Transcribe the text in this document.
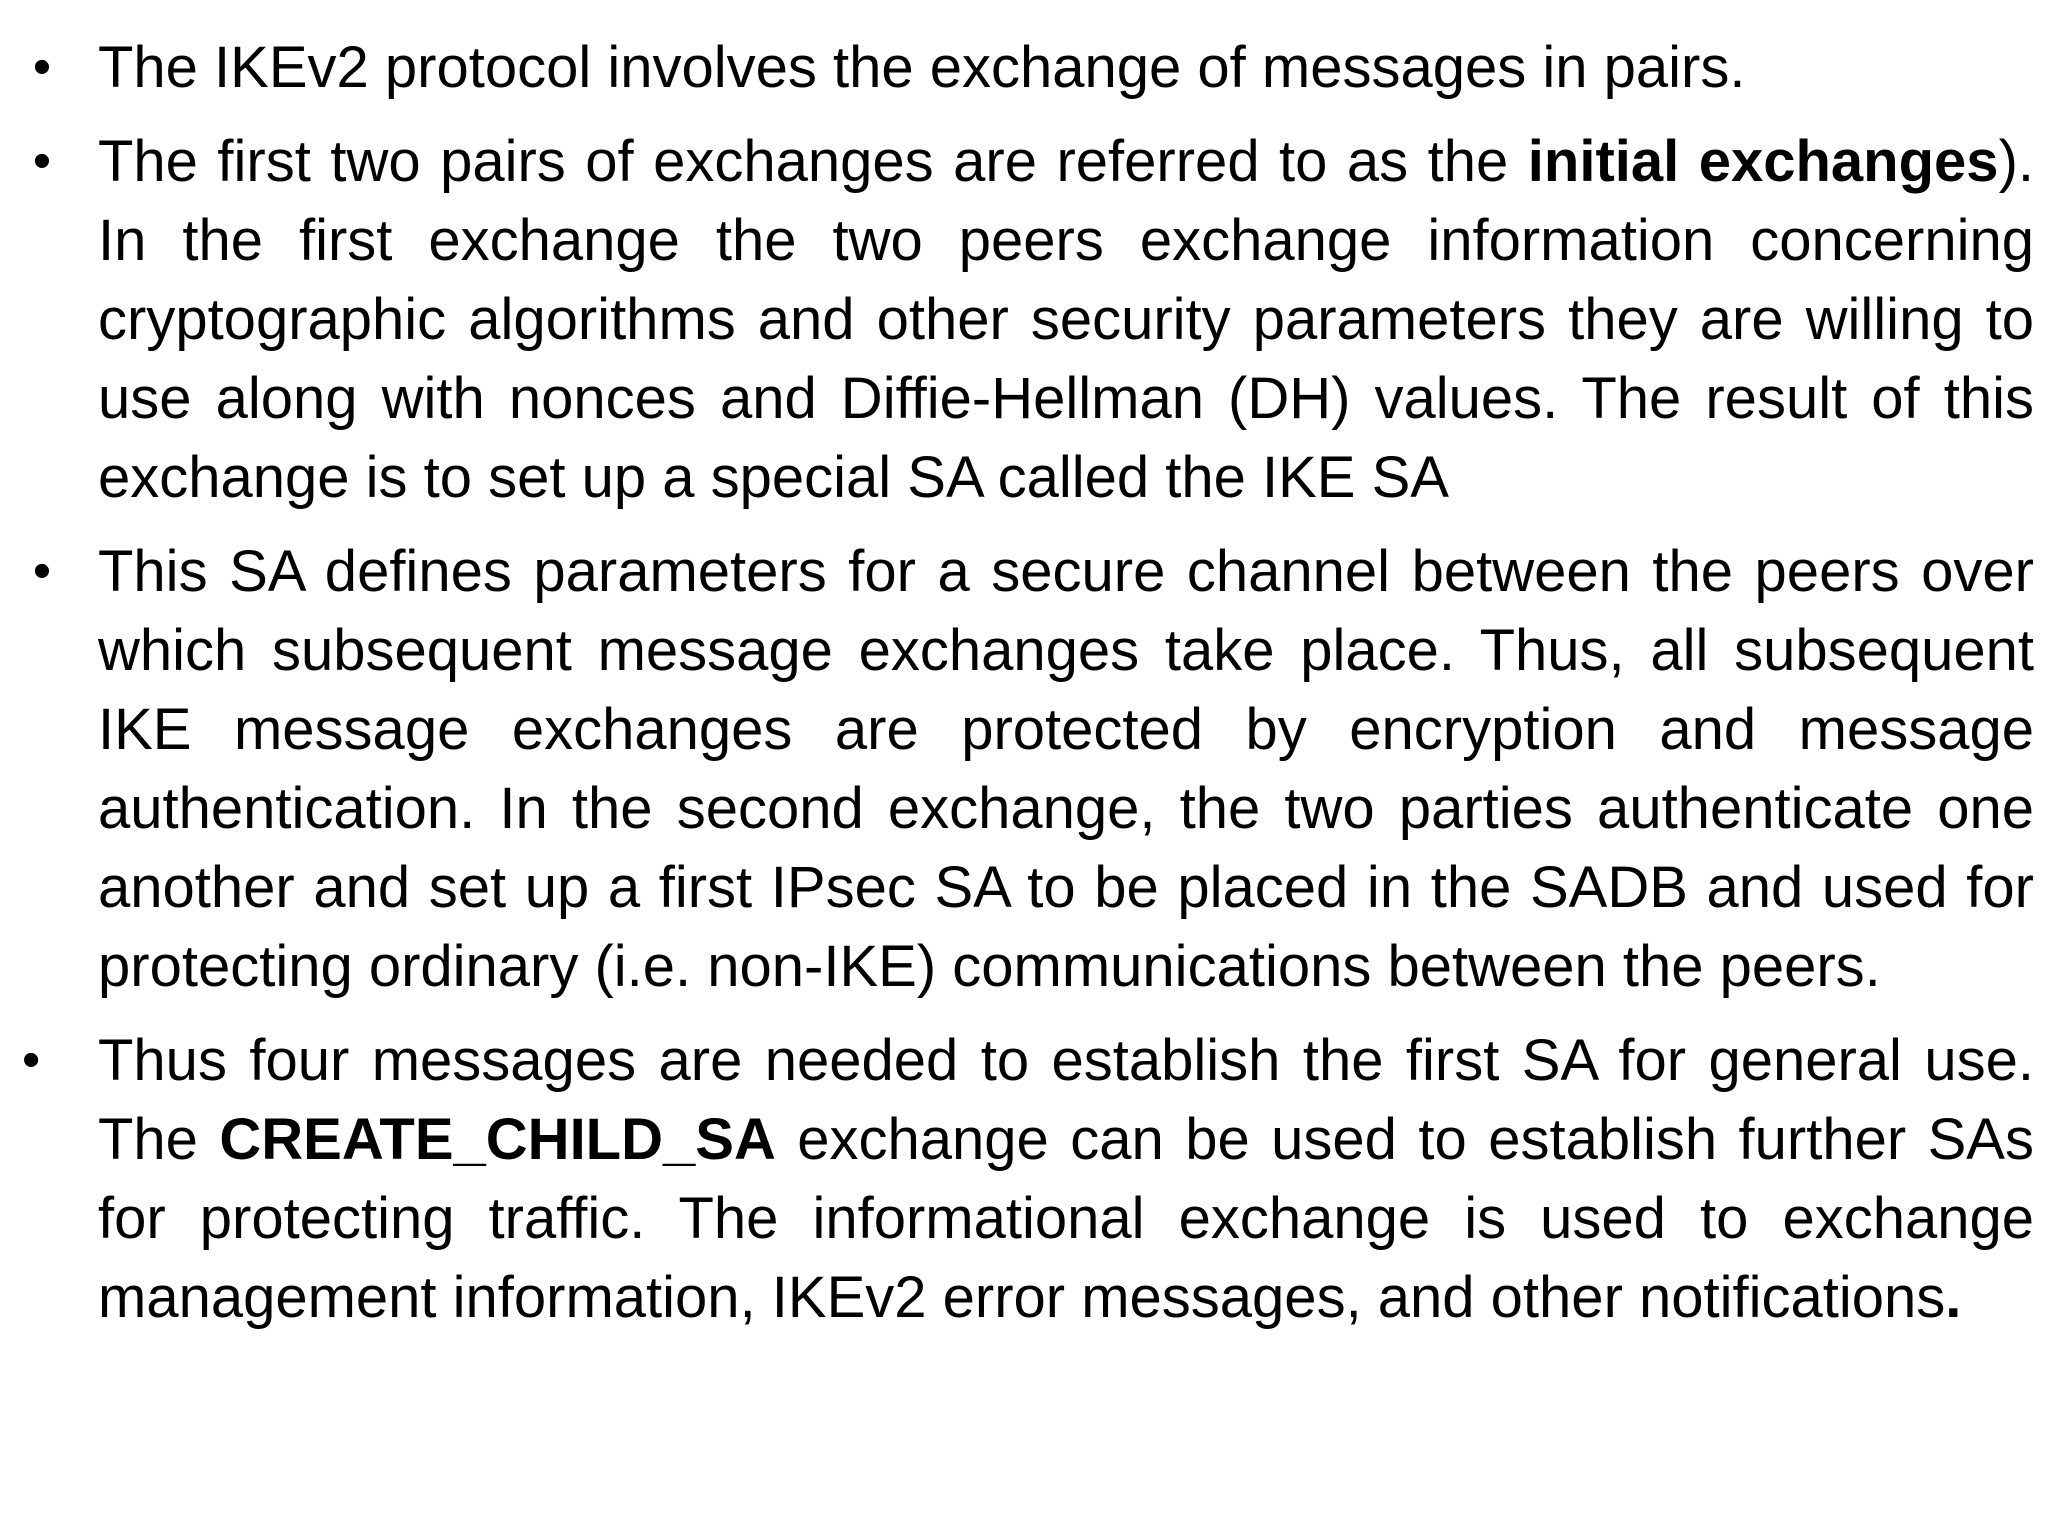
• The IKEv2 protocol involves the exchange of messages in pairs.
• The first two pairs of exchanges are referred to as the initial exchanges). In the first exchange the two peers exchange information concerning cryptographic algorithms and other security parameters they are willing to use along with nonces and Diffie-Hellman (DH) values. The result of this exchange is to set up a special SA called the IKE SA
• This SA defines parameters for a secure channel between the peers over which subsequent message exchanges take place. Thus, all subsequent IKE message exchanges are protected by encryption and message authentication. In the second exchange, the two parties authenticate one another and set up a first IPsec SA to be placed in the SADB and used for protecting ordinary (i.e. non-IKE) communications between the peers.
• Thus four messages are needed to establish the first SA for general use. The CREATE_CHILD_SA exchange can be used to establish further SAs for protecting traffic. The informational exchange is used to exchange management information, IKEv2 error messages, and other notifications.
